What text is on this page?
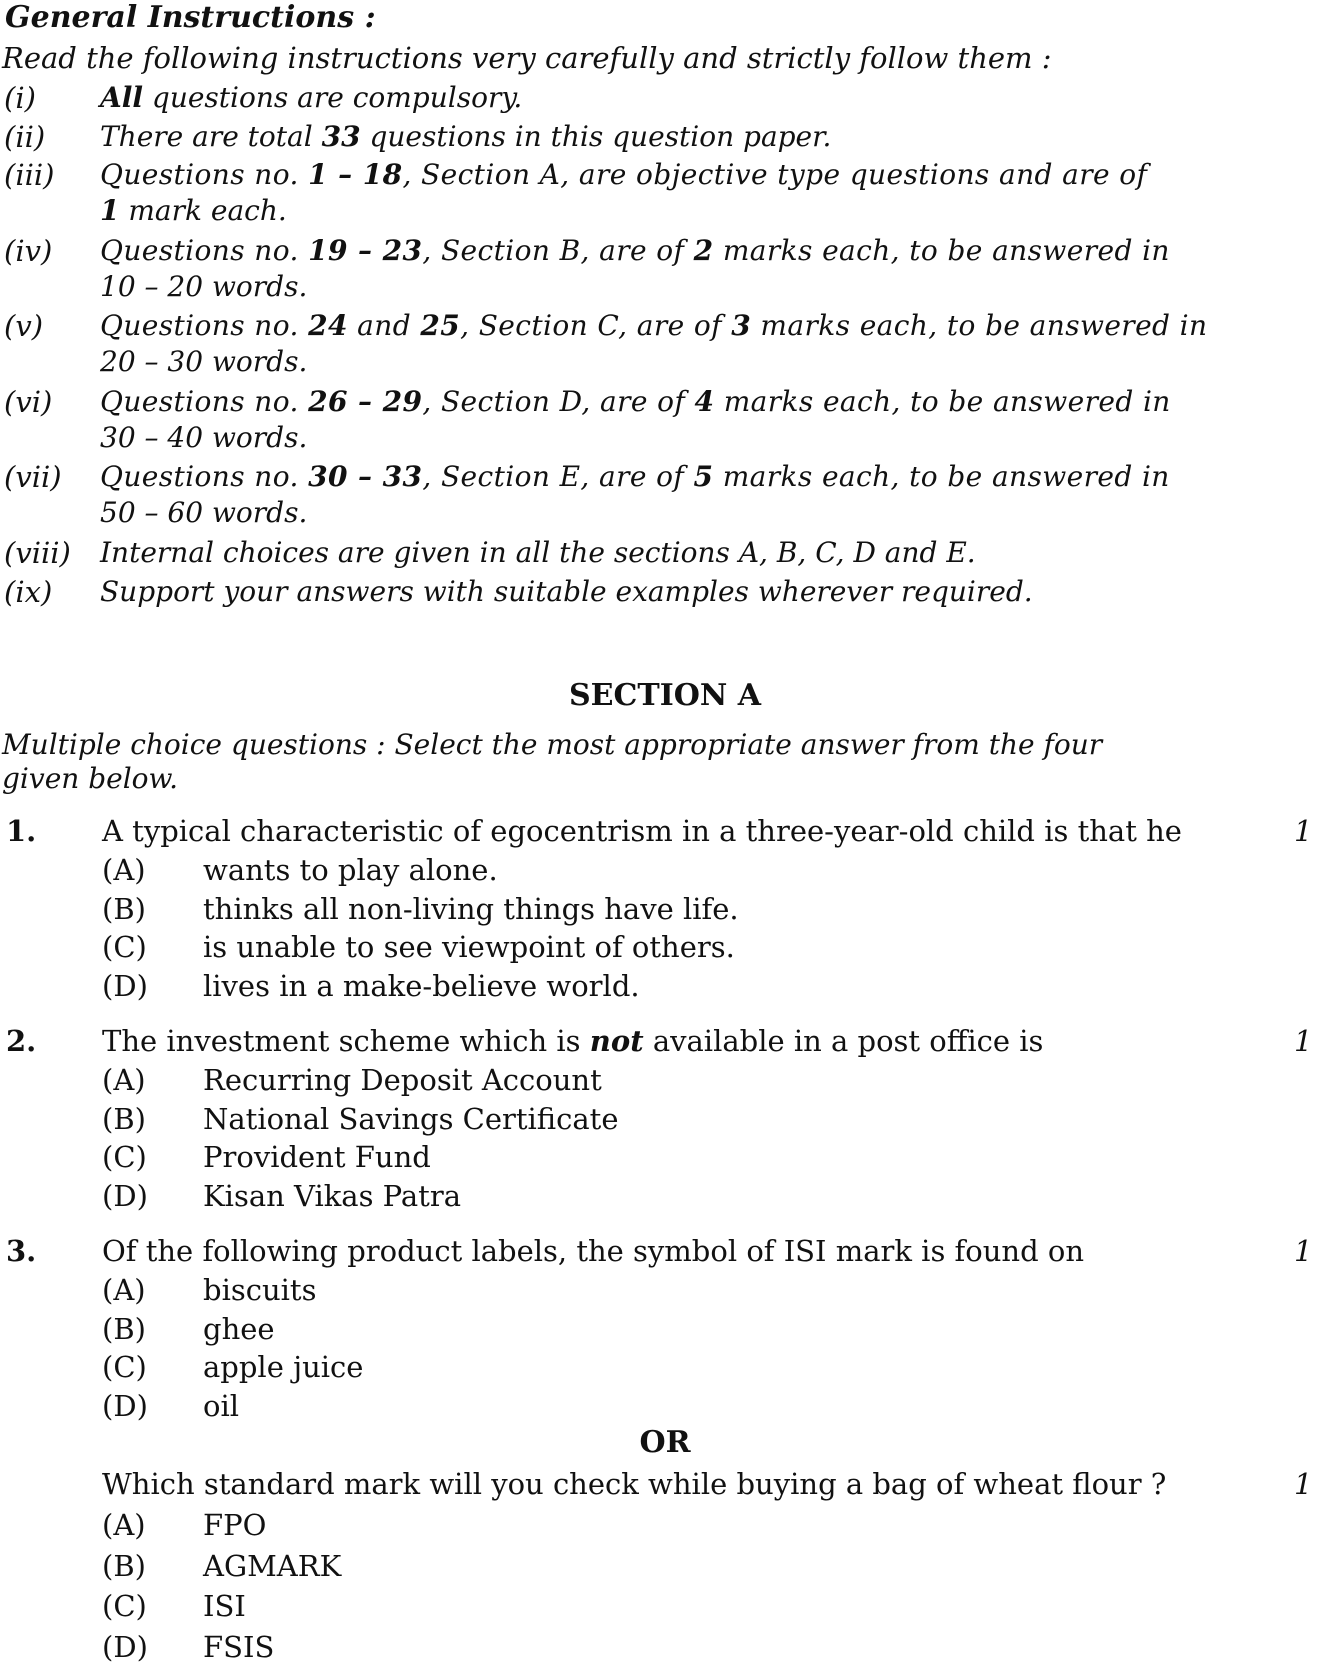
General Instructions :
Read the following instructions very carefully and strictly follow them :
(i) All questions are compulsory.
(ii) There are total 33 questions in this question paper.
(iii) Questions no. 1 – 18, Section A, are objective type questions and are of
1 mark each.
(iv) Questions no. 19 – 23, Section B, are of 2 marks each, to be answered in
10 – 20 words.
(v) Questions no. 24 and 25, Section C, are of 3 marks each, to be answered in
20 – 30 words.
(vi) Questions no. 26 – 29, Section D, are of 4 marks each, to be answered in
30 – 40 words.
(vii) Questions no. 30 – 33, Section E, are of 5 marks each, to be answered in
50 – 60 words.
(viii) Internal choices are given in all the sections A, B, C, D and E.
(ix) Support your answers with suitable examples wherever required.
SECTION A
Multiple choice questions : Select the most appropriate answer from the four
given below.
1. A typical characteristic of egocentrism in a three-year-old child is that he	1
(A) wants to play alone.
(B) thinks all non-living things have life.
(C) is unable to see viewpoint of others.
(D) lives in a make-believe world.
2. The investment scheme which is not available in a post office is	1
(A) Recurring Deposit Account
(B) National Savings Certificate
(C) Provident Fund
(D) Kisan Vikas Patra
3. Of the following product labels, the symbol of ISI mark is found on	1
(A) biscuits
(B) ghee
(C) apple juice
(D) oil
OR
Which standard mark will you check while buying a bag of wheat flour ?	1
(A) FPO
(B) AGMARK
(C) ISI
(D) FSIS
